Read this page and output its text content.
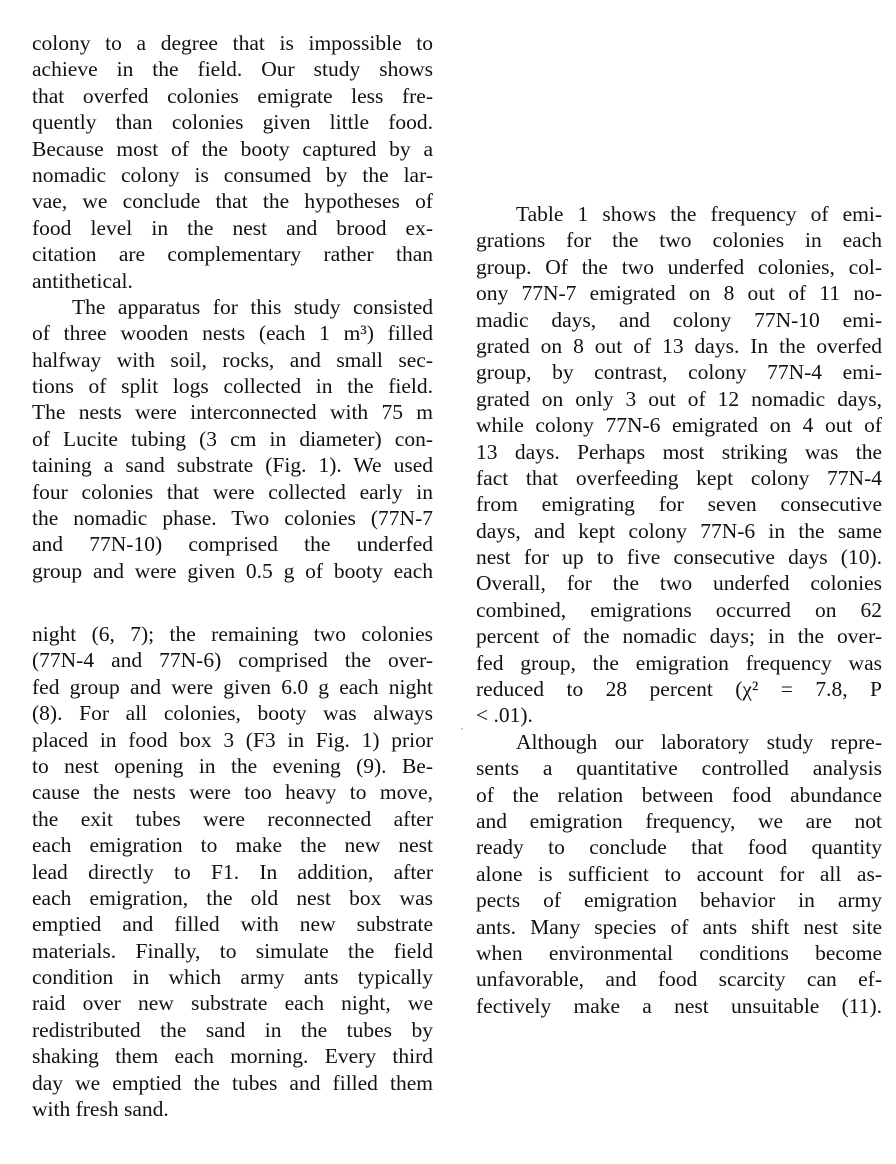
colony to a degree that is impossible to
achieve in the field. Our study shows
that overfed colonies emigrate less fre-
quently than colonies given little food.
Because most of the booty captured by a
nomadic colony is consumed by the lar-
vae, we conclude that the hypotheses of
food level in the nest and brood ex-
citation are complementary rather than
antithetical.
The apparatus for this study consisted
of three wooden nests (each 1 m³) filled
halfway with soil, rocks, and small sec-
tions of split logs collected in the field.
The nests were interconnected with 75 m
of Lucite tubing (3 cm in diameter) con-
taining a sand substrate (Fig. 1). We used
four colonies that were collected early in
the nomadic phase. Two colonies (77N-7
and 77N-10) comprised the underfed
group and were given 0.5 g of booty each
night (6, 7); the remaining two colonies
(77N-4 and 77N-6) comprised the over-
fed group and were given 6.0 g each night
(8). For all colonies, booty was always
placed in food box 3 (F3 in Fig. 1) prior
to nest opening in the evening (9). Be-
cause the nests were too heavy to move,
the exit tubes were reconnected after
each emigration to make the new nest
lead directly to F1. In addition, after
each emigration, the old nest box was
emptied and filled with new substrate
materials. Finally, to simulate the field
condition in which army ants typically
raid over new substrate each night, we
redistributed the sand in the tubes by
shaking them each morning. Every third
day we emptied the tubes and filled them
with fresh sand.
Table 1 shows the frequency of emi-
grations for the two colonies in each
group. Of the two underfed colonies, col-
ony 77N-7 emigrated on 8 out of 11 no-
madic days, and colony 77N-10 emi-
grated on 8 out of 13 days. In the overfed
group, by contrast, colony 77N-4 emi-
grated on only 3 out of 12 nomadic days,
while colony 77N-6 emigrated on 4 out of
13 days. Perhaps most striking was the
fact that overfeeding kept colony 77N-4
from emigrating for seven consecutive
days, and kept colony 77N-6 in the same
nest for up to five consecutive days (10).
Overall, for the two underfed colonies
combined, emigrations occurred on 62
percent of the nomadic days; in the over-
fed group, the emigration frequency was
reduced to 28 percent (χ² = 7.8, P
< .01).
Although our laboratory study repre-
sents a quantitative controlled analysis
of the relation between food abundance
and emigration frequency, we are not
ready to conclude that food quantity
alone is sufficient to account for all as-
pects of emigration behavior in army
ants. Many species of ants shift nest site
when environmental conditions become
unfavorable, and food scarcity can ef-
fectively make a nest unsuitable (11).
